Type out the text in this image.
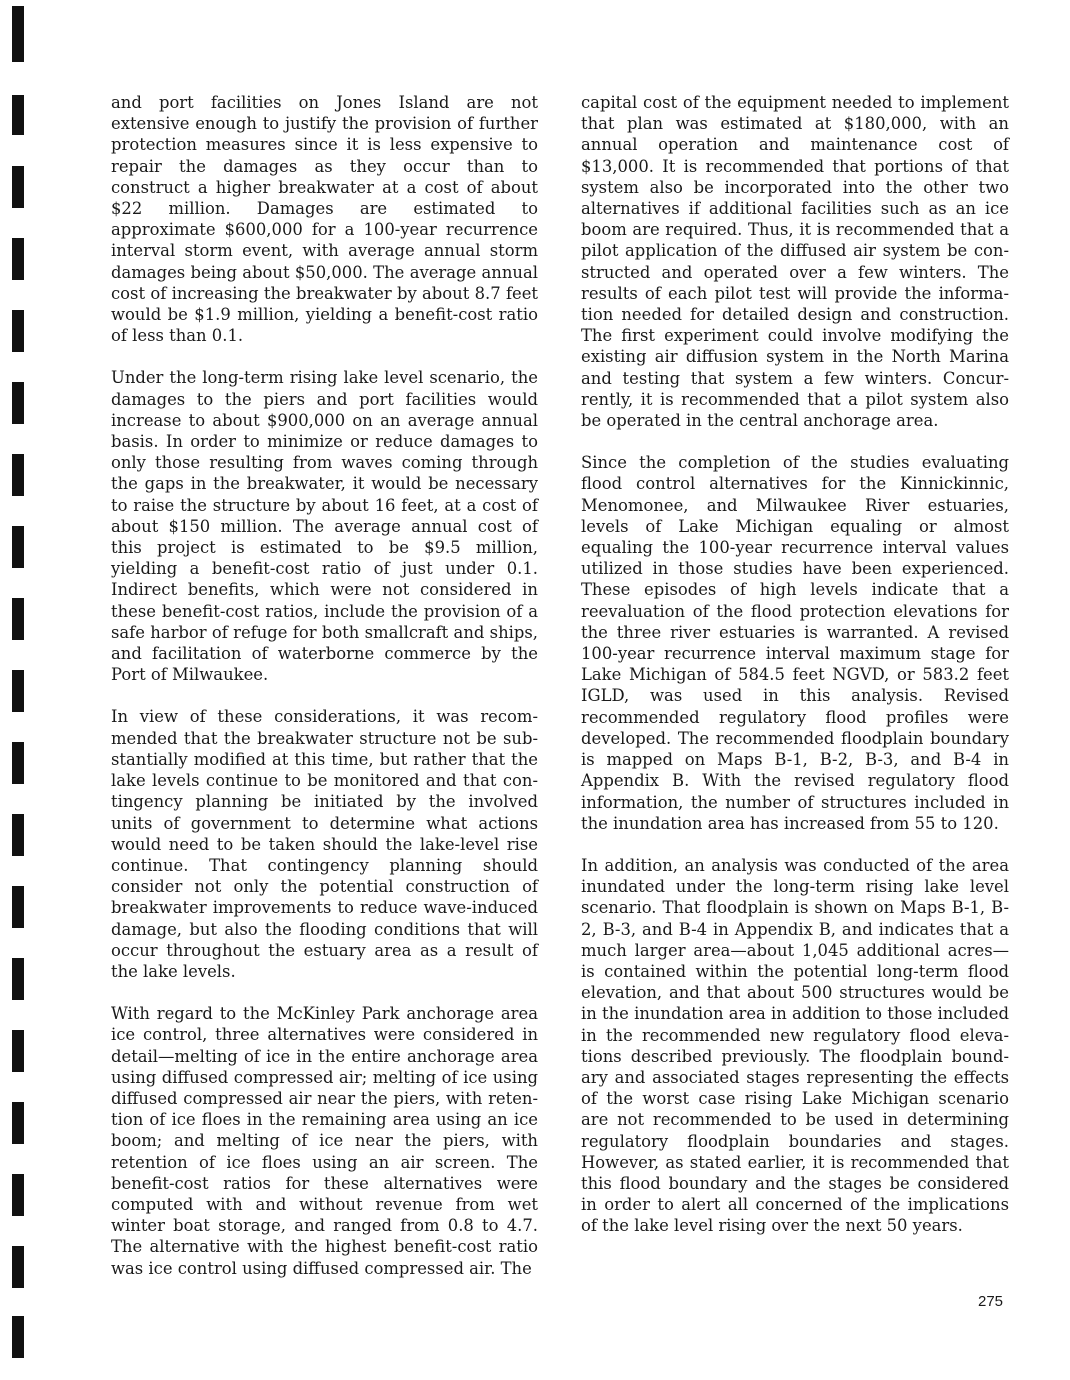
and port facilities on Jones Island are not extensive enough to justify the provision of further protection measures since it is less expensive to repair the damages as they occur than to construct a higher breakwater at a cost of about $22 million. Damages are estimated to approximate $600,000 for a 100-year recurrence interval storm event, with average annual storm damages being about $50,000. The average annual cost of increasing the breakwater by about 8.7 feet would be $1.9 million, yielding a benefit-cost ratio of less than 0.1.

Under the long-term rising lake level scenario, the damages to the piers and port facilities would increase to about $900,000 on an average annual basis. In order to minimize or reduce damages to only those resulting from waves coming through the gaps in the breakwater, it would be necessary to raise the structure by about 16 feet, at a cost of about $150 million. The average annual cost of this project is estimated to be $9.5 million, yielding a benefit-cost ratio of just under 0.1. Indirect benefits, which were not considered in these benefit-cost ratios, include the provision of a safe harbor of refuge for both smallcraft and ships, and facilitation of waterborne commerce by the Port of Milwaukee.

In view of these considerations, it was recommended that the breakwater structure not be substantially modified at this time, but rather that the lake levels continue to be monitored and that contingency planning be initiated by the involved units of government to determine what actions would need to be taken should the lake-level rise continue. That contingency planning should consider not only the potential construction of breakwater improvements to reduce wave-induced damage, but also the flooding conditions that will occur throughout the estuary area as a result of the lake levels.

With regard to the McKinley Park anchorage area ice control, three alternatives were considered in detail—melting of ice in the entire anchorage area using diffused compressed air; melting of ice using diffused compressed air near the piers, with retention of ice floes in the remaining area using an ice boom; and melting of ice near the piers, with retention of ice floes using an air screen. The benefit-cost ratios for these alternatives were computed with and without revenue from wet winter boat storage, and ranged from 0.8 to 4.7. The alternative with the highest benefit-cost ratio was ice control using diffused compressed air. The

capital cost of the equipment needed to implement that plan was estimated at $180,000, with an annual operation and maintenance cost of $13,000. It is recommended that portions of that system also be incorporated into the other two alternatives if additional facilities such as an ice boom are required. Thus, it is recommended that a pilot application of the diffused air system be constructed and operated over a few winters. The results of each pilot test will provide the information needed for detailed design and construction. The first experiment could involve modifying the existing air diffusion system in the North Marina and testing that system a few winters. Concurrently, it is recommended that a pilot system also be operated in the central anchorage area.

Since the completion of the studies evaluating flood control alternatives for the Kinnickinnic, Menomonee, and Milwaukee River estuaries, levels of Lake Michigan equaling or almost equaling the 100-year recurrence interval values utilized in those studies have been experienced. These episodes of high levels indicate that a reevaluation of the flood protection elevations for the three river estuaries is warranted. A revised 100-year recurrence interval maximum stage for Lake Michigan of 584.5 feet NGVD, or 583.2 feet IGLD, was used in this analysis. Revised recommended regulatory flood profiles were developed. The recommended floodplain boundary is mapped on Maps B-1, B-2, B-3, and B-4 in Appendix B. With the revised regulatory flood information, the number of structures included in the inundation area has increased from 55 to 120.

In addition, an analysis was conducted of the area inundated under the long-term rising lake level scenario. That floodplain is shown on Maps B-1, B-2, B-3, and B-4 in Appendix B, and indicates that a much larger area—about 1,045 additional acres—is contained within the potential long-term flood elevation, and that about 500 structures would be in the inundation area in addition to those included in the recommended new regulatory flood elevations described previously. The floodplain boundary and associated stages representing the effects of the worst case rising Lake Michigan scenario are not recommended to be used in determining regulatory floodplain boundaries and stages. However, as stated earlier, it is recommended that this flood boundary and the stages be considered in order to alert all concerned of the implications of the lake level rising over the next 50 years.

275
